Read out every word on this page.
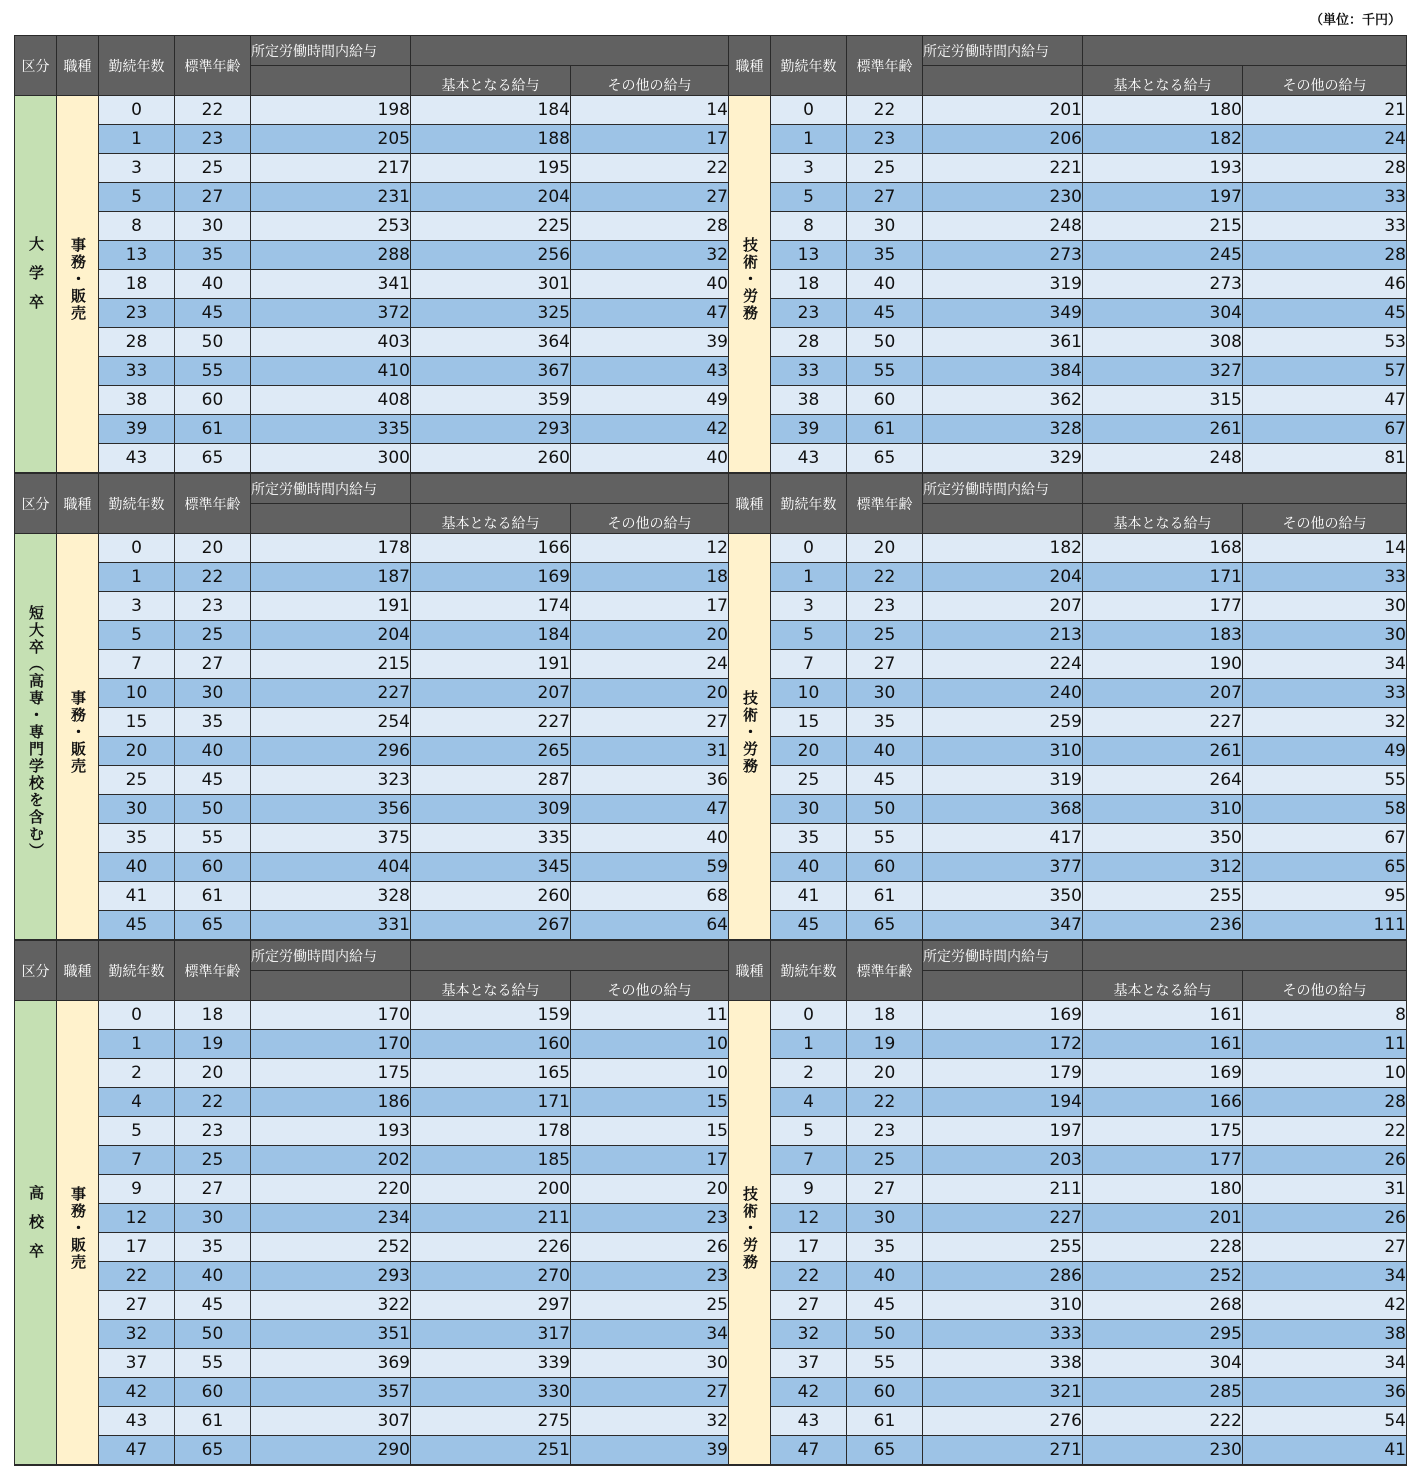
（単位：千円）
区分	職種	勤続年数	標準年齢	所定労働時間内給与			職種	勤続年数	標準年齢	所定労働時間内給与		
					基本となる給与	その他の給与					基本となる給与	その他の給与
大学卒	事務・販売	0	22	198	184	14	技術・労務	0	22	201	180	21
		1	23	205	188	17		1	23	206	182	24
		3	25	217	195	22		3	25	221	193	28
		5	27	231	204	27		5	27	230	197	33
		8	30	253	225	28		8	30	248	215	33
		13	35	288	256	32		13	35	273	245	28
		18	40	341	301	40		18	40	319	273	46
		23	45	372	325	47		23	45	349	304	45
		28	50	403	364	39		28	50	361	308	53
		33	55	410	367	43		33	55	384	327	57
		38	60	408	359	49		38	60	362	315	47
		39	61	335	293	42		39	61	328	261	67
		43	65	300	260	40		43	65	329	248	81
区分	職種	勤続年数	標準年齢	所定労働時間内給与			職種	勤続年数	標準年齢	所定労働時間内給与		
					基本となる給与	その他の給与					基本となる給与	その他の給与
短大卒（高専・専門学校を含む）	事務・販売	0	20	178	166	12	技術・労務	0	20	182	168	14
		1	22	187	169	18		1	22	204	171	33
		3	23	191	174	17		3	23	207	177	30
		5	25	204	184	20		5	25	213	183	30
		7	27	215	191	24		7	27	224	190	34
		10	30	227	207	20		10	30	240	207	33
		15	35	254	227	27		15	35	259	227	32
		20	40	296	265	31		20	40	310	261	49
		25	45	323	287	36		25	45	319	264	55
		30	50	356	309	47		30	50	368	310	58
		35	55	375	335	40		35	55	417	350	67
		40	60	404	345	59		40	60	377	312	65
		41	61	328	260	68		41	61	350	255	95
		45	65	331	267	64		45	65	347	236	111
区分	職種	勤続年数	標準年齢	所定労働時間内給与			職種	勤続年数	標準年齢	所定労働時間内給与		
					基本となる給与	その他の給与					基本となる給与	その他の給与
高校卒	事務・販売	0	18	170	159	11	技術・労務	0	18	169	161	8
		1	19	170	160	10		1	19	172	161	11
		2	20	175	165	10		2	20	179	169	10
		4	22	186	171	15		4	22	194	166	28
		5	23	193	178	15		5	23	197	175	22
		7	25	202	185	17		7	25	203	177	26
		9	27	220	200	20		9	27	211	180	31
		12	30	234	211	23		12	30	227	201	26
		17	35	252	226	26		17	35	255	228	27
		22	40	293	270	23		22	40	286	252	34
		27	45	322	297	25		27	45	310	268	42
		32	50	351	317	34		32	50	333	295	38
		37	55	369	339	30		37	55	338	304	34
		42	60	357	330	27		42	60	321	285	36
		43	61	307	275	32		43	61	276	222	54
		47	65	290	251	39		47	65	271	230	41
